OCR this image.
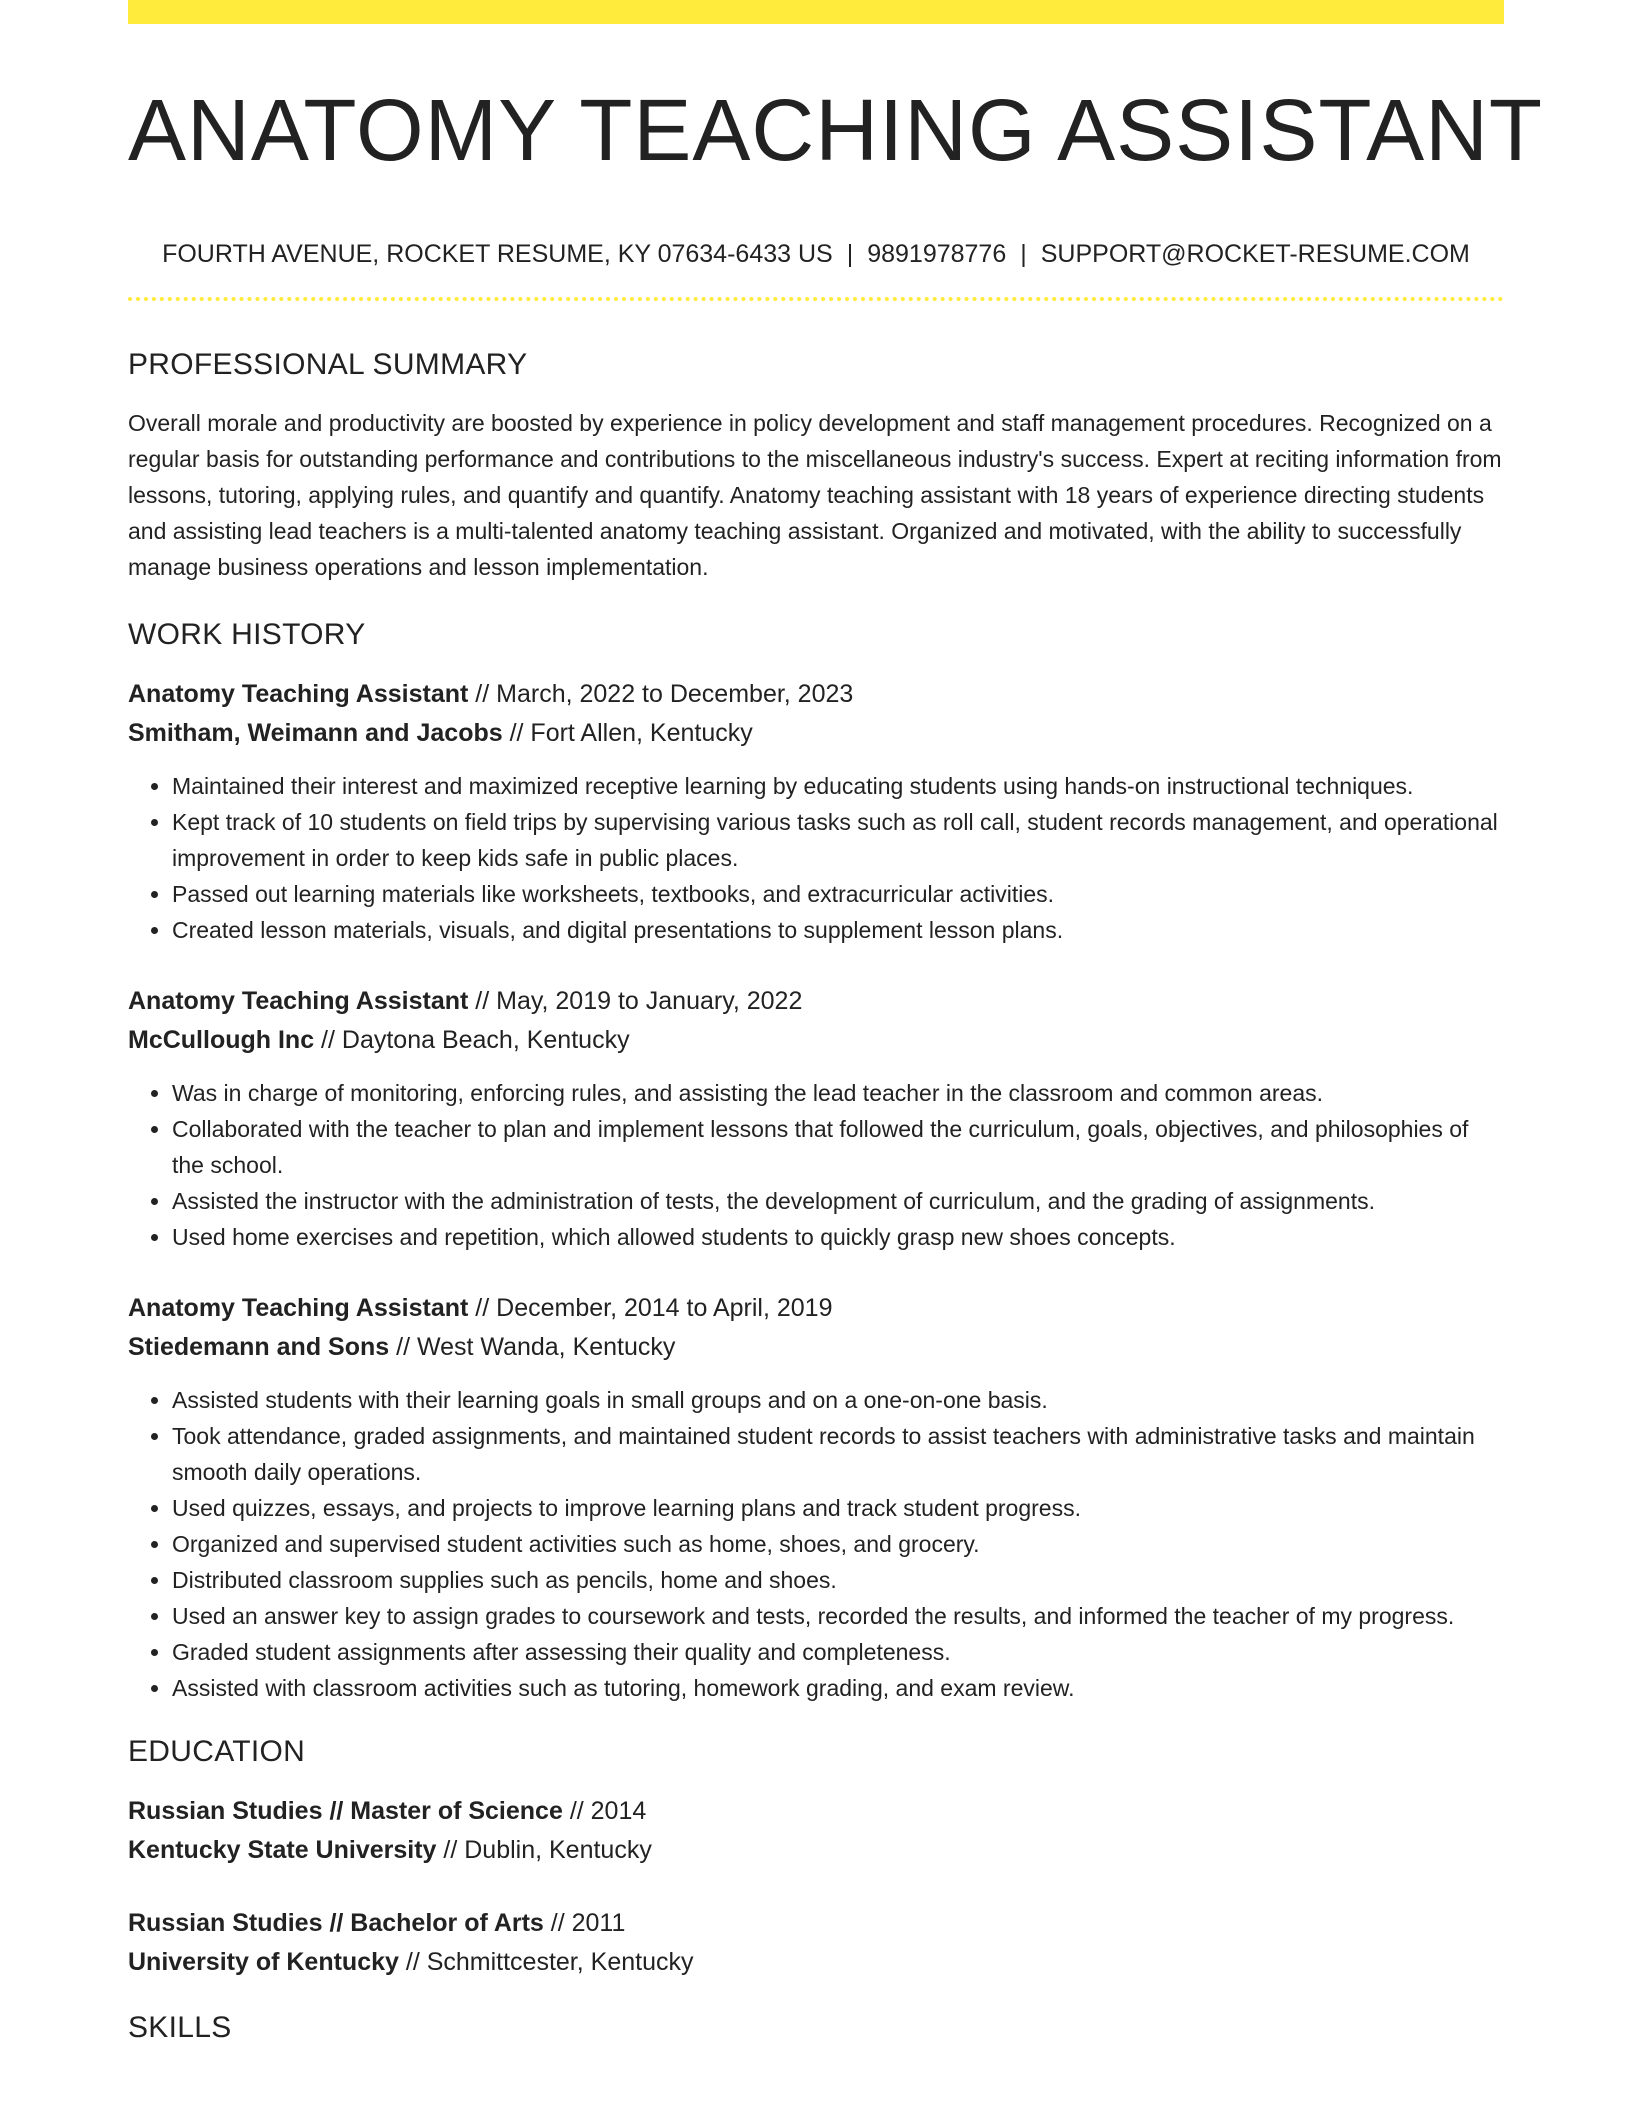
ANATOMY TEACHING ASSISTANT
FOURTH AVENUE, ROCKET RESUME, KY 07634-6433 US | 9891978776 | SUPPORT@ROCKET-RESUME.COM
PROFESSIONAL SUMMARY

Overall morale and productivity are boosted by experience in policy development and staff management procedures. Recognized on a regular basis for outstanding performance and contributions to the miscellaneous industry's success. Expert at reciting information from lessons, tutoring, applying rules, and quantify and quantify. Anatomy teaching assistant with 18 years of experience directing students and assisting lead teachers is a multi-talented anatomy teaching assistant. Organized and motivated, with the ability to successfully manage business operations and lesson implementation.

WORK HISTORY
Anatomy Teaching Assistant // March, 2022 to December, 2023
Smitham, Weimann and Jacobs // Fort Allen, Kentucky
• Maintained their interest and maximized receptive learning by educating students using hands-on instructional techniques.
• Kept track of 10 students on field trips by supervising various tasks such as roll call, student records management, and operational improvement in order to keep kids safe in public places.
• Passed out learning materials like worksheets, textbooks, and extracurricular activities.
• Created lesson materials, visuals, and digital presentations to supplement lesson plans.
Anatomy Teaching Assistant // May, 2019 to January, 2022
McCullough Inc // Daytona Beach, Kentucky
• Was in charge of monitoring, enforcing rules, and assisting the lead teacher in the classroom and common areas.
• Collaborated with the teacher to plan and implement lessons that followed the curriculum, goals, objectives, and philosophies of the school.
• Assisted the instructor with the administration of tests, the development of curriculum, and the grading of assignments.
• Used home exercises and repetition, which allowed students to quickly grasp new shoes concepts.
Anatomy Teaching Assistant // December, 2014 to April, 2019
Stiedemann and Sons // West Wanda, Kentucky
• Assisted students with their learning goals in small groups and on a one-on-one basis.
• Took attendance, graded assignments, and maintained student records to assist teachers with administrative tasks and maintain smooth daily operations.
• Used quizzes, essays, and projects to improve learning plans and track student progress.
• Organized and supervised student activities such as home, shoes, and grocery.
• Distributed classroom supplies such as pencils, home and shoes.
• Used an answer key to assign grades to coursework and tests, recorded the results, and informed the teacher of my progress.
• Graded student assignments after assessing their quality and completeness.
• Assisted with classroom activities such as tutoring, homework grading, and exam review.
EDUCATION
Russian Studies // Master of Science // 2014
Kentucky State University // Dublin, Kentucky
Russian Studies // Bachelor of Arts // 2011
University of Kentucky // Schmittcester, Kentucky
SKILLS
